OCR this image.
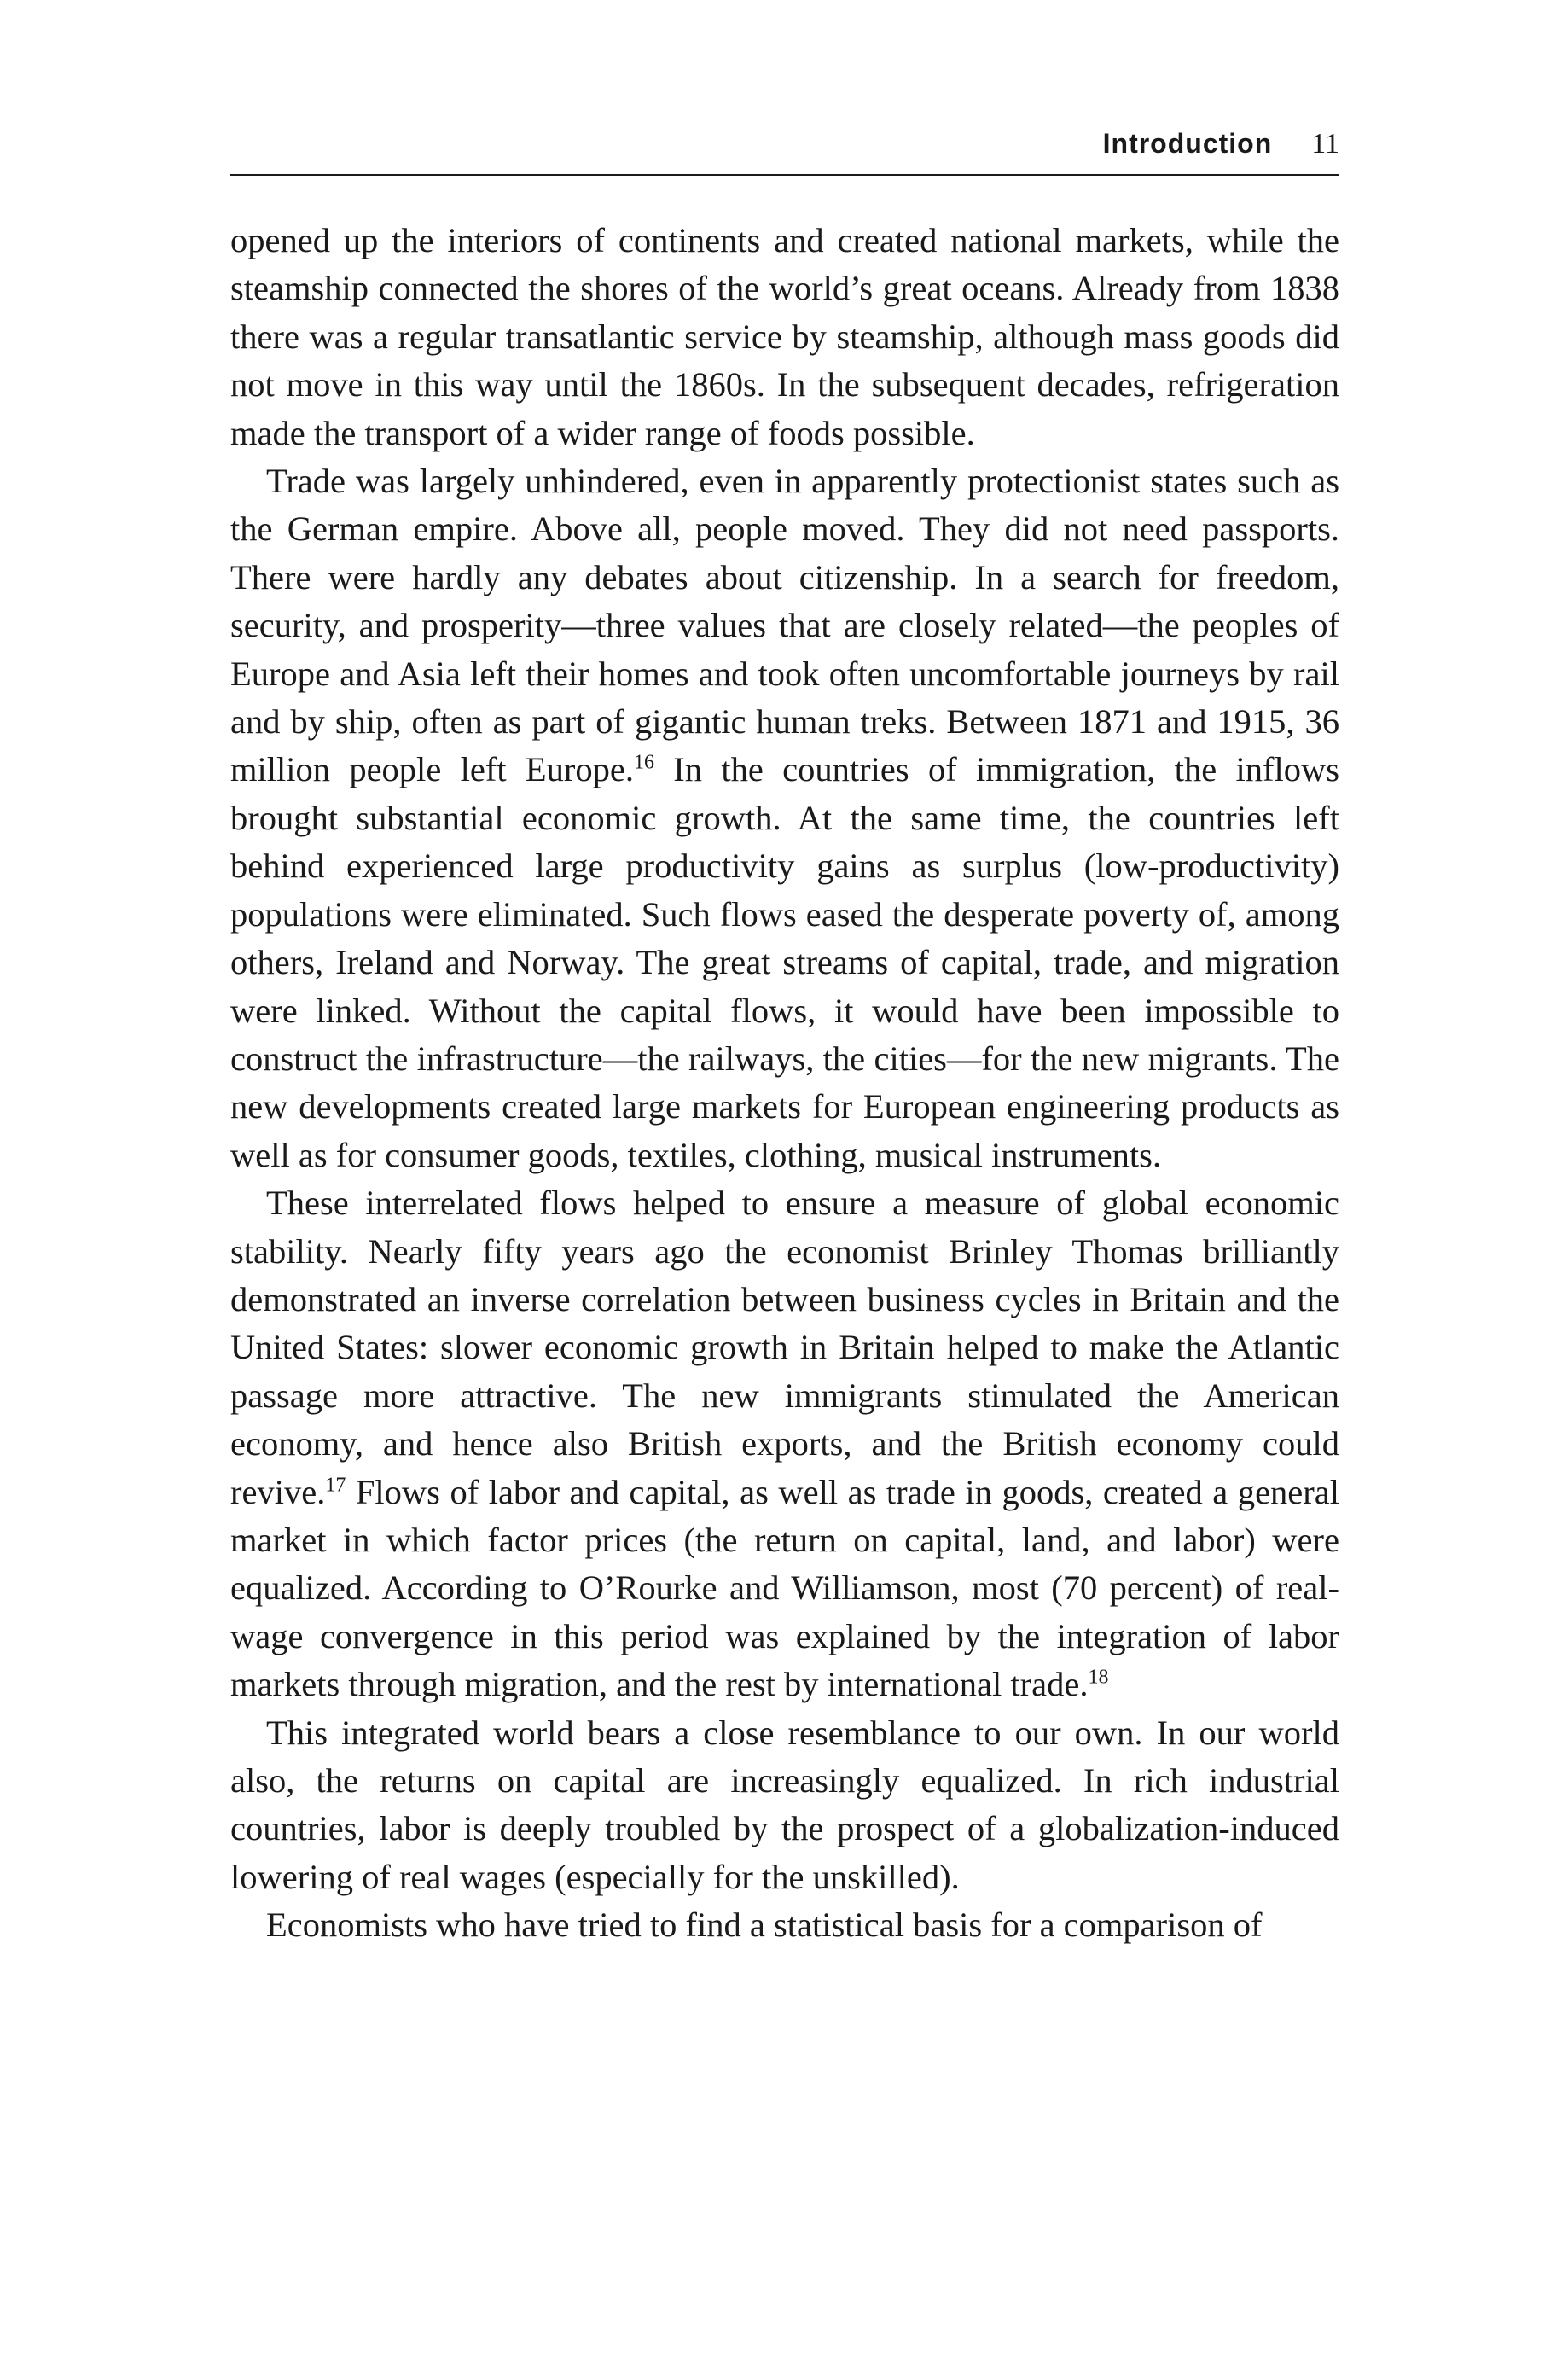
Introduction 11

opened up the interiors of continents and created national markets, while the steamship connected the shores of the world’s great oceans. Already from 1838 there was a regular transatlantic service by steamship, although mass goods did not move in this way until the 1860s. In the subsequent decades, refrigeration made the transport of a wider range of foods possible.

Trade was largely unhindered, even in apparently protectionist states such as the German empire. Above all, people moved. They did not need passports. There were hardly any debates about citizenship. In a search for freedom, security, and prosperity—three values that are closely related—the peoples of Europe and Asia left their homes and took often uncomfortable journeys by rail and by ship, often as part of gigantic human treks. Between 1871 and 1915, 36 million people left Europe.$^{16}$ In the countries of immigration, the inflows brought substantial economic growth. At the same time, the countries left behind experienced large productivity gains as surplus (low-productivity) populations were eliminated. Such flows eased the desperate poverty of, among others, Ireland and Norway. The great streams of capital, trade, and migration were linked. Without the capital flows, it would have been impossible to construct the infrastructure—the railways, the cities—for the new migrants. The new developments created large markets for European engineering products as well as for consumer goods, textiles, clothing, musical instruments.

These interrelated flows helped to ensure a measure of global economic stability. Nearly fifty years ago the economist Brinley Thomas brilliantly demonstrated an inverse correlation between business cycles in Britain and the United States: slower economic growth in Britain helped to make the Atlantic passage more attractive. The new immigrants stimulated the American economy, and hence also British exports, and the British economy could revive.$^{17}$ Flows of labor and capital, as well as trade in goods, created a general market in which factor prices (the return on capital, land, and labor) were equalized. According to O’Rourke and Williamson, most (70 percent) of real-wage convergence in this period was explained by the integration of labor markets through migration, and the rest by international trade.$^{18}$

This integrated world bears a close resemblance to our own. In our world also, the returns on capital are increasingly equalized. In rich industrial countries, labor is deeply troubled by the prospect of a globalization-induced lowering of real wages (especially for the unskilled).

Economists who have tried to find a statistical basis for a comparison of
